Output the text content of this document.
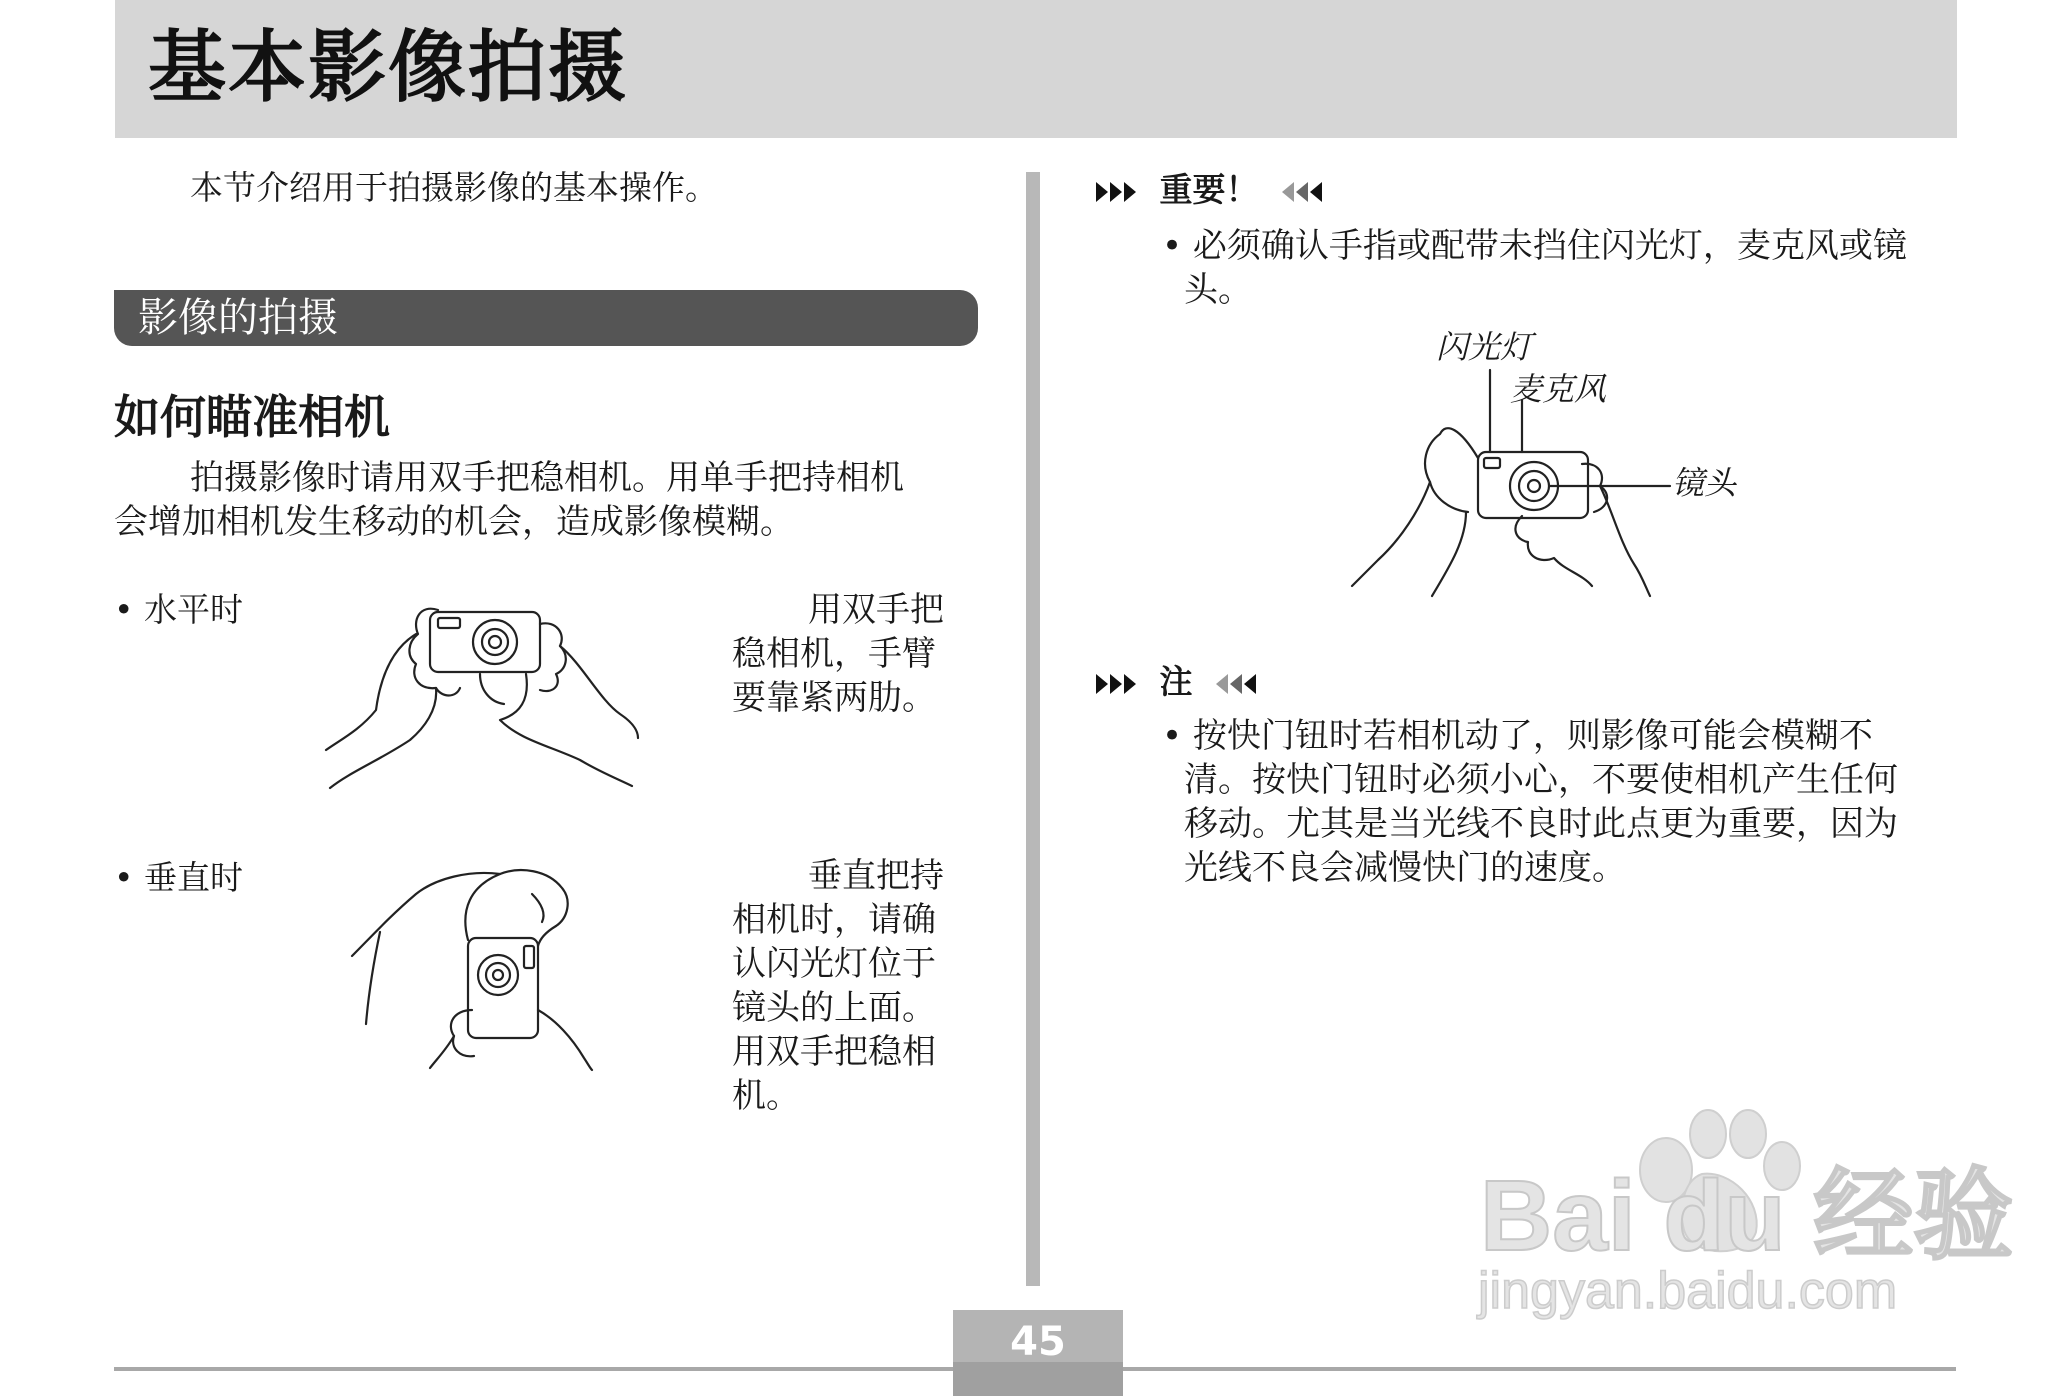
基本影像拍摄
本节介绍用于拍摄影像的基本操作。
影像的拍摄
如何瞄准相机
拍摄影像时请用双手把稳相机。用单手把持相机
会增加相机发生移动的机会，造成影像模糊。
• 水平时	用双手把
稳相机，手臂
要靠紧两肋。
• 垂直时	垂直把持
相机时，请确
认闪光灯位于
镜头的上面。
用双手把稳相
机。
重要！
• 必须确认手指或配带未挡住闪光灯，麦克风或镜
头。
闪光灯
麦克风
镜头
注
• 按快门钮时若相机动了，则影像可能会模糊不
清。按快门钮时必须小心，不要使相机产生任何
移动。尤其是当光线不良时此点更为重要，因为
光线不良会减慢快门的速度。
Bai du 经验
jingyan.baidu.com
45
